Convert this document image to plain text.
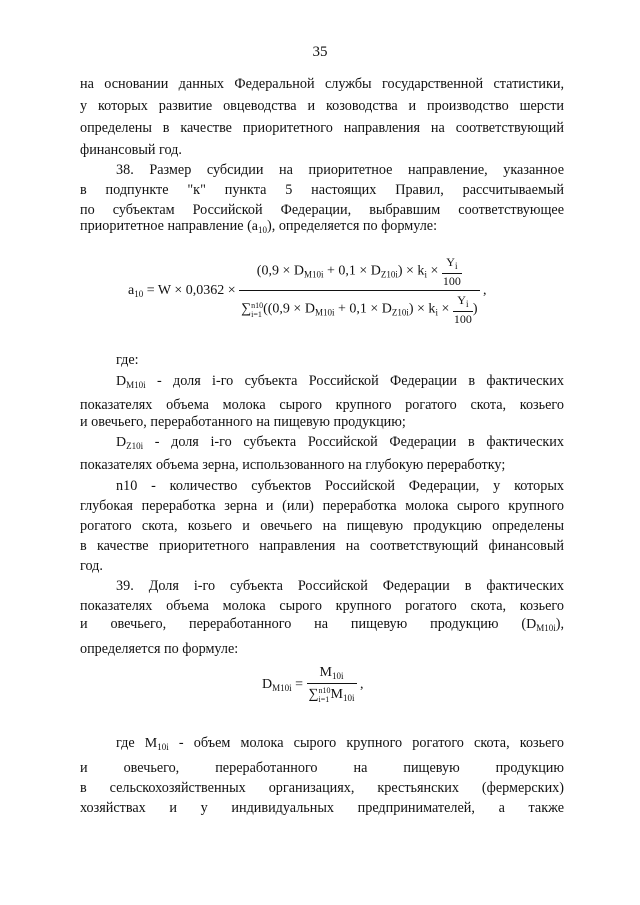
35
на основании данных Федеральной службы государственной статистики,
у которых развитие овцеводства и козоводства и производство шерсти
определены в качестве приоритетного направления на соответствующий
финансовый год.
38. Размер субсидии на приоритетное направление, указанное
в подпункте "к" пункта 5 настоящих Правил, рассчитываемый
по субъектам Российской Федерации, выбравшим соответствующее
приоритетное направление $(a_{10})$, определяется по формуле:
$a_{10} = W \times 0,0362 \times (0,9 \times D_{M10i} + 0,1 \times D_{Z10i}) \times k_i \times \frac{Y_i}{100}$
∑ n10
i=1 ($(0,9 \times D_{M10i} + 0,1 \times D_{Z10i}) \times k_i \times \frac{Y_i}{100}$ ) ,
где:
$D_{M10i}$ - доля i-го субъекта Российской Федерации в фактических
показателях объема молока сырого крупного рогатого скота, козьего
и овечьего, переработанного на пищевую продукцию;
$D_{Z10i}$ - доля i-го субъекта Российской Федерации в фактических
показателях объема зерна, использованного на глубокую переработку;
n10 - количество субъектов Российской Федерации, у которых
глубокая переработка зерна и (или) переработка молока сырого крупного
рогатого скота, козьего и овечьего на пищевую продукцию определены
в качестве приоритетного направления на соответствующий финансовый
год.
39. Доля i-го субъекта Российской Федерации в фактических
показателях объема молока сырого крупного рогатого скота, козьего
и овечьего, переработанного на пищевую продукцию $(D_{M10i})$,
определяется по формуле:
$D_{M10i} = M_{10i}$
∑ n10
i=1 $M_{10i}$ ,
где $M_{10i}$ - объем молока сырого крупного рогатого скота, козьего
и овечьего, переработанного на пищевую продукцию
в сельскохозяйственных организациях, крестьянских (фермерских)
хозяйствах и у индивидуальных предпринимателей, а также
